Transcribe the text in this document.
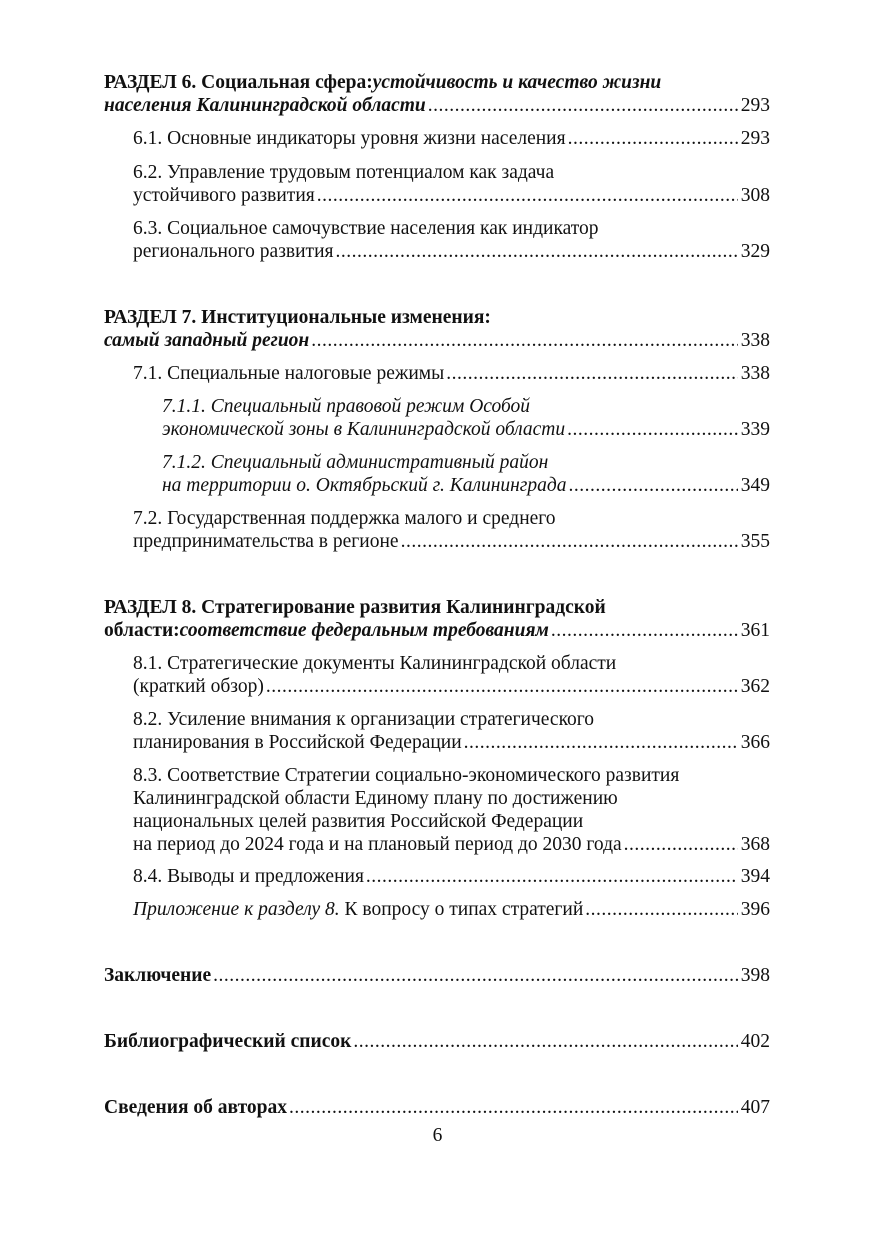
РАЗДЕЛ 6. Социальная сфера: устойчивость и качество жизни
населения Калининградской области .....	293
6.1. Основные индикаторы уровня жизни населения .....	293
6.2. Управление трудовым потенциалом как задача
устойчивого развития .....	308
6.3. Социальное самочувствие населения как индикатор
регионального развития .....	329
РАЗДЕЛ 7. Институциональные изменения:
самый западный регион .....	338
7.1. Специальные налоговые режимы .....	338
7.1.1. Специальный правовой режим Особой
экономической зоны в Калининградской области .....	339
7.1.2. Специальный административный район
на территории о. Октябрьский г. Калининграда .....	349
7.2. Государственная поддержка малого и среднего
предпринимательства в регионе .....	355
РАЗДЕЛ 8. Стратегирование развития Калининградской
области: соответствие федеральным требованиям .....	361
8.1. Стратегические документы Калининградской области
(краткий обзор) .....	362
8.2. Усиление внимания к организации стратегического
планирования в Российской Федерации .....	366
8.3. Соответствие Стратегии социально-экономического развития
Калининградской области Единому плану по достижению
национальных целей развития Российской Федерации
на период до 2024 года и на плановый период до 2030 года .....	368
8.4. Выводы и предложения .....	394
Приложение к разделу 8. К вопросу о типах стратегий .....	396
Заключение .....	398
Библиографический список .....	402
Сведения об авторах .....	407
6
